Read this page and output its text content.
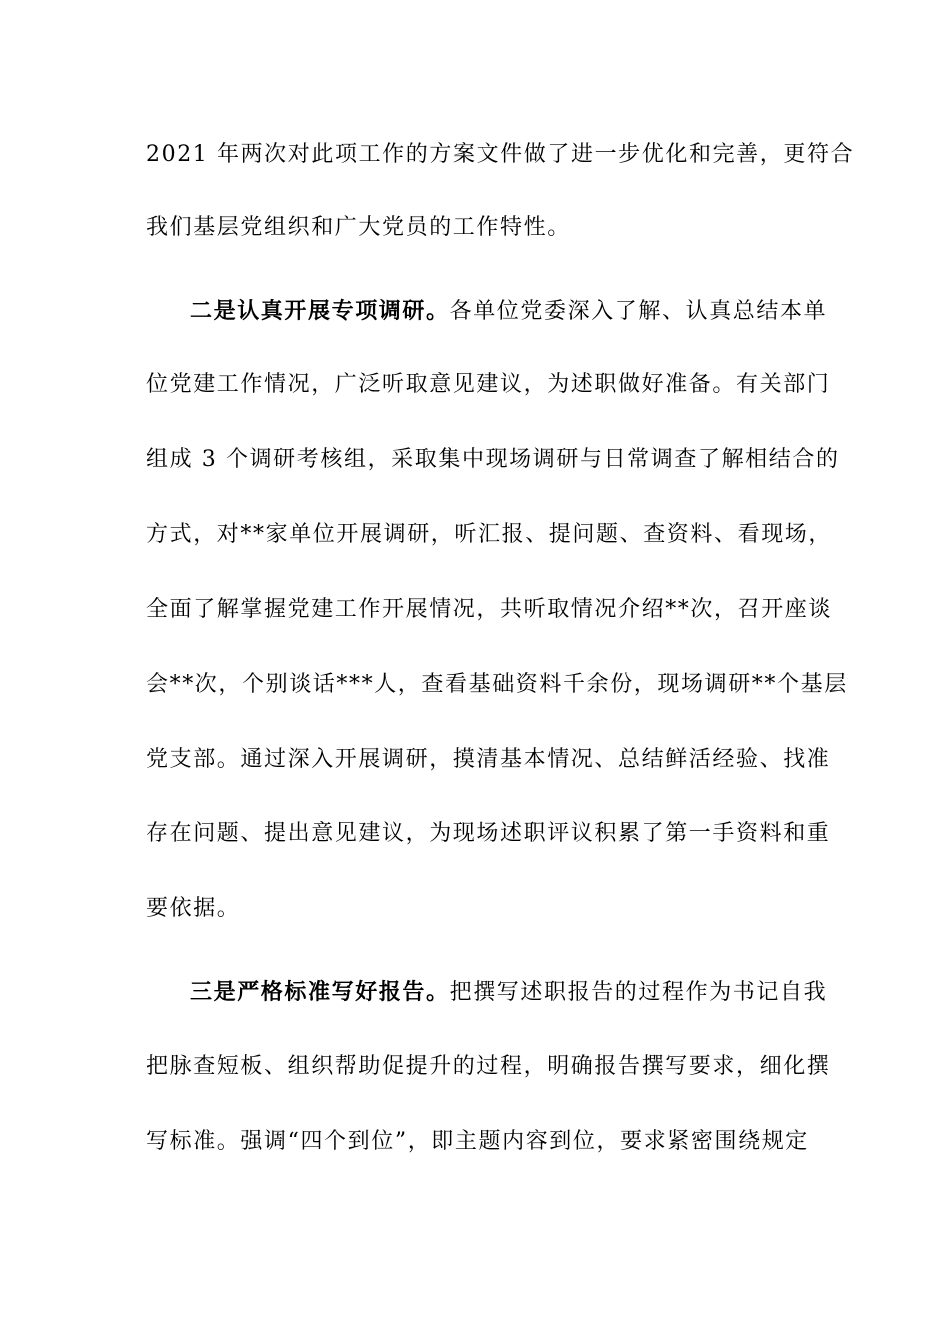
2021 年两次对此项工作的方案文件做了进一步优化和完善，更符合
我们基层党组织和广大党员的工作特性。
二是认真开展专项调研。各单位党委深入了解、认真总结本单
位党建工作情况，广泛听取意见建议，为述职做好准备。有关部门
组成 3 个调研考核组，采取集中现场调研与日常调查了解相结合的
方式，对**家单位开展调研，听汇报、提问题、查资料、看现场，
全面了解掌握党建工作开展情况，共听取情况介绍**次，召开座谈
会**次，个别谈话***人，查看基础资料千余份，现场调研**个基层
党支部。通过深入开展调研，摸清基本情况、总结鲜活经验、找准
存在问题、提出意见建议，为现场述职评议积累了第一手资料和重
要依据。
三是严格标准写好报告。把撰写述职报告的过程作为书记自我
把脉查短板、组织帮助促提升的过程，明确报告撰写要求，细化撰
写标准。强调“四个到位”，即主题内容到位，要求紧密围绕规定
